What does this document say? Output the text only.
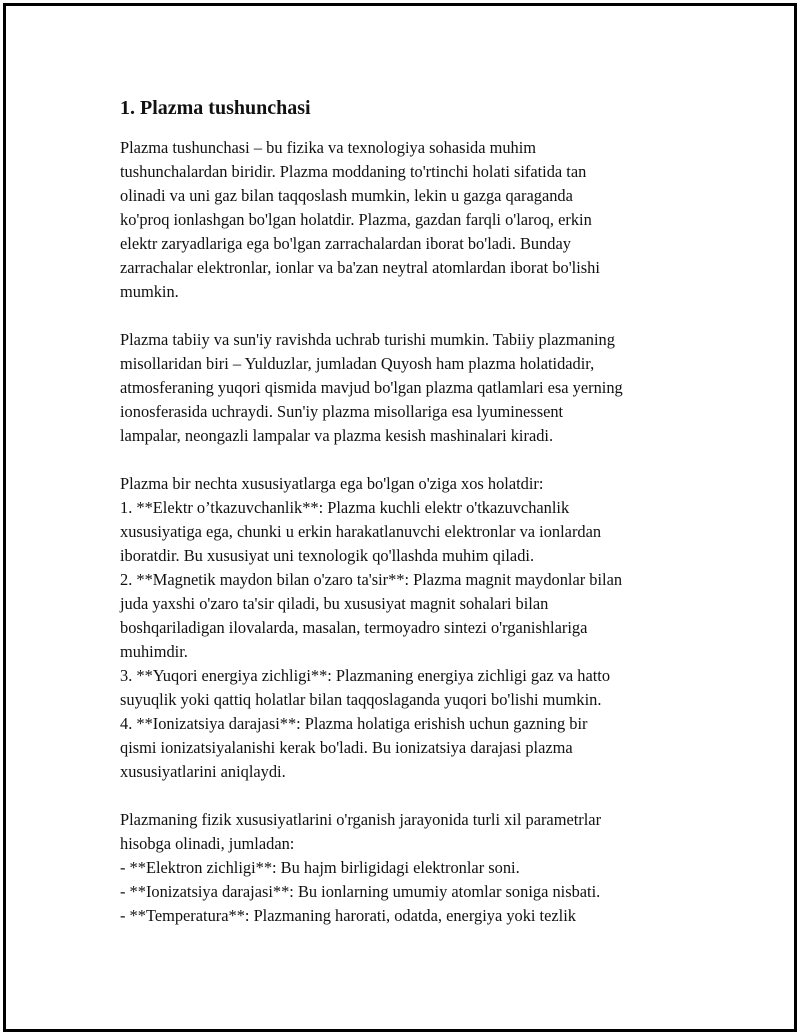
1. Plazma tushunchasi
Plazma tushunchasi – bu fizika va texnologiya sohasida muhim
tushunchalardan biridir. Plazma moddaning to'rtinchi holati sifatida tan
olinadi va uni gaz bilan taqqoslash mumkin, lekin u gazga qaraganda
ko'proq ionlashgan bo'lgan holatdir. Plazma, gazdan farqli o'laroq, erkin
elektr zaryadlariga ega bo'lgan zarrachalardan iborat bo'ladi. Bunday
zarrachalar elektronlar, ionlar va ba'zan neytral atomlardan iborat bo'lishi
mumkin.
Plazma tabiiy va sun'iy ravishda uchrab turishi mumkin. Tabiiy plazmaning
misollaridan biri – Yulduzlar, jumladan Quyosh ham plazma holatidadir,
atmosferaning yuqori qismida mavjud bo'lgan plazma qatlamlari esa yerning
ionosferasida uchraydi. Sun'iy plazma misollariga esa lyuminessent
lampalar, neongazli lampalar va plazma kesish mashinalari kiradi.
Plazma bir nechta xususiyatlarga ega bo'lgan o'ziga xos holatdir:
1. **Elektr o’tkazuvchanlik**: Plazma kuchli elektr o'tkazuvchanlik
xususiyatiga ega, chunki u erkin harakatlanuvchi elektronlar va ionlardan
iboratdir. Bu xususiyat uni texnologik qo'llashda muhim qiladi.
2. **Magnetik maydon bilan o'zaro ta'sir**: Plazma magnit maydonlar bilan
juda yaxshi o'zaro ta'sir qiladi, bu xususiyat magnit sohalari bilan
boshqariladigan ilovalarda, masalan, termoyadro sintezi o'rganishlariga
muhimdir.
3. **Yuqori energiya zichligi**: Plazmaning energiya zichligi gaz va hatto
suyuqlik yoki qattiq holatlar bilan taqqoslaganda yuqori bo'lishi mumkin.
4. **Ionizatsiya darajasi**: Plazma holatiga erishish uchun gazning bir
qismi ionizatsiyalanishi kerak bo'ladi. Bu ionizatsiya darajasi plazma
xususiyatlarini aniqlaydi.
Plazmaning fizik xususiyatlarini o'rganish jarayonida turli xil parametrlar
hisobga olinadi, jumladan:
- **Elektron zichligi**: Bu hajm birligidagi elektronlar soni.
- **Ionizatsiya darajasi**: Bu ionlarning umumiy atomlar soniga nisbati.
- **Temperatura**: Plazmaning harorati, odatda, energiya yoki tezlik
